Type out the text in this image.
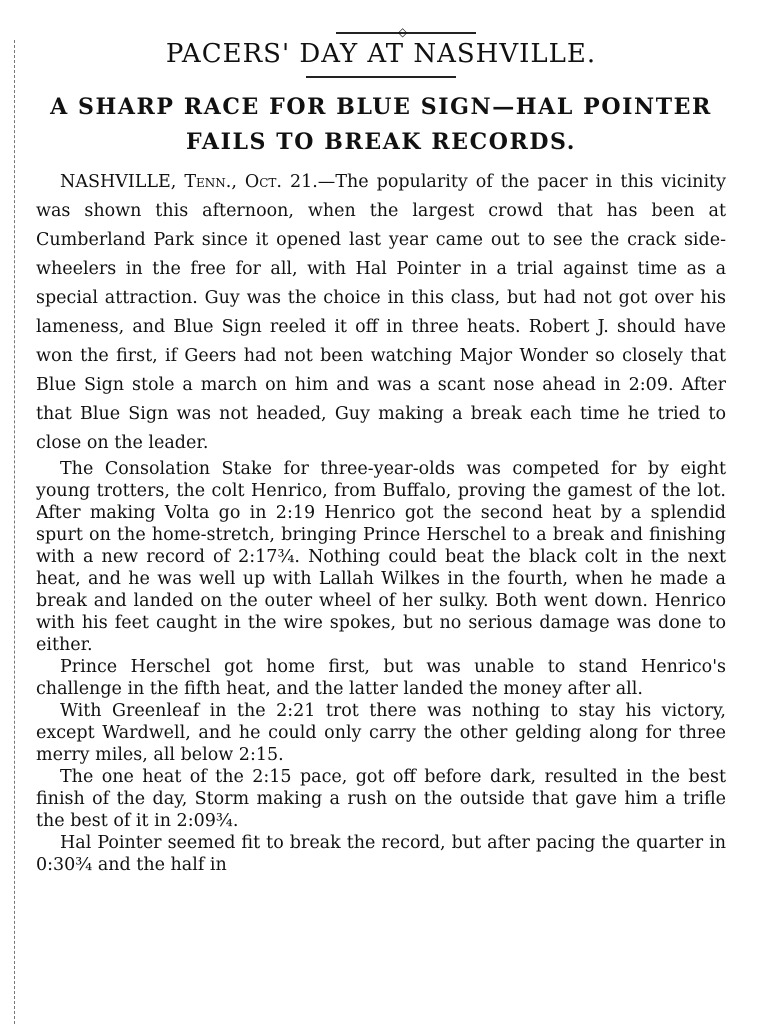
◇
PACERS' DAY AT NASHVILLE.
A SHARP RACE FOR BLUE SIGN—HAL POINTER FAILS TO BREAK RECORDS.

NASHVILLE, Tenn., Oct. 21.—The popularity of the pacer in this vicinity was shown this afternoon, when the largest crowd that has been at Cumberland Park since it opened last year came out to see the crack side-wheelers in the free for all, with Hal Pointer in a trial against time as a special attraction. Guy was the choice in this class, but had not got over his lameness, and Blue Sign reeled it off in three heats. Robert J. should have won the first, if Geers had not been watching Major Wonder so closely that Blue Sign stole a march on him and was a scant nose ahead in 2:09. After that Blue Sign was not headed, Guy making a break each time he tried to close on the leader.

The Consolation Stake for three-year-olds was competed for by eight young trotters, the colt Henrico, from Buffalo, proving the gamest of the lot. After making Volta go in 2:19 Henrico got the second heat by a splendid spurt on the home-stretch, bringing Prince Herschel to a break and finishing with a new record of 2:17¾. Nothing could beat the black colt in the next heat, and he was well up with Lallah Wilkes in the fourth, when he made a break and landed on the outer wheel of her sulky. Both went down. Henrico with his feet caught in the wire spokes, but no serious damage was done to either.

Prince Herschel got home first, but was unable to stand Henrico's challenge in the fifth heat, and the latter landed the money after all.

With Greenleaf in the 2:21 trot there was nothing to stay his victory, except Wardwell, and he could only carry the other gelding along for three merry miles, all below 2:15.

The one heat of the 2:15 pace, got off before dark, resulted in the best finish of the day, Storm making a rush on the outside that gave him a trifle the best of it in 2:09¾.

Hal Pointer seemed fit to break the record, but after pacing the quarter in 0:30¾ and the half in
